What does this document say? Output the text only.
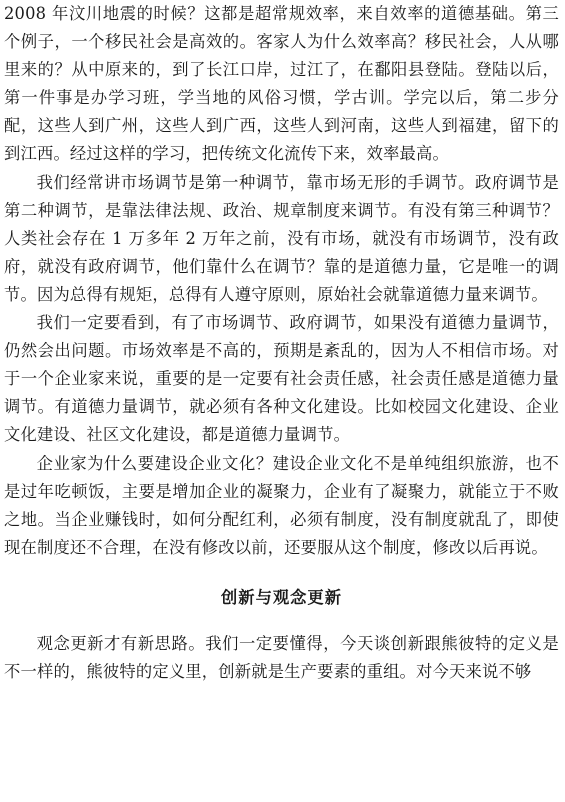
2008 年汶川地震的时候？这都是超常规效率，来自效率的道德基础。第三个例子，一个移民社会是高效的。客家人为什么效率高？移民社会，人从哪里来的？从中原来的，到了长江口岸，过江了，在鄱阳县登陆。登陆以后，第一件事是办学习班，学当地的风俗习惯，学古训。学完以后，第二步分配，这些人到广州，这些人到广西，这些人到河南，这些人到福建，留下的到江西。经过这样的学习，把传统文化流传下来，效率最高。

我们经常讲市场调节是第一种调节，靠市场无形的手调节。政府调节是第二种调节，是靠法律法规、政治、规章制度来调节。有没有第三种调节？人类社会存在 1 万多年 2 万年之前，没有市场，就没有市场调节，没有政府，就没有政府调节，他们靠什么在调节？靠的是道德力量，它是唯一的调节。因为总得有规矩，总得有人遵守原则，原始社会就靠道德力量来调节。

我们一定要看到，有了市场调节、政府调节，如果没有道德力量调节，仍然会出问题。市场效率是不高的，预期是紊乱的，因为人不相信市场。对于一个企业家来说，重要的是一定要有社会责任感，社会责任感是道德力量调节。有道德力量调节，就必须有各种文化建设。比如校园文化建设、企业文化建设、社区文化建设，都是道德力量调节。

企业家为什么要建设企业文化？建设企业文化不是单纯组织旅游，也不是过年吃顿饭，主要是增加企业的凝聚力，企业有了凝聚力，就能立于不败之地。当企业赚钱时，如何分配红利，必须有制度，没有制度就乱了，即使现在制度还不合理，在没有修改以前，还要服从这个制度，修改以后再说。

创新与观念更新

观念更新才有新思路。我们一定要懂得，今天谈创新跟熊彼特的定义是不一样的，熊彼特的定义里，创新就是生产要素的重组。对今天来说不够
